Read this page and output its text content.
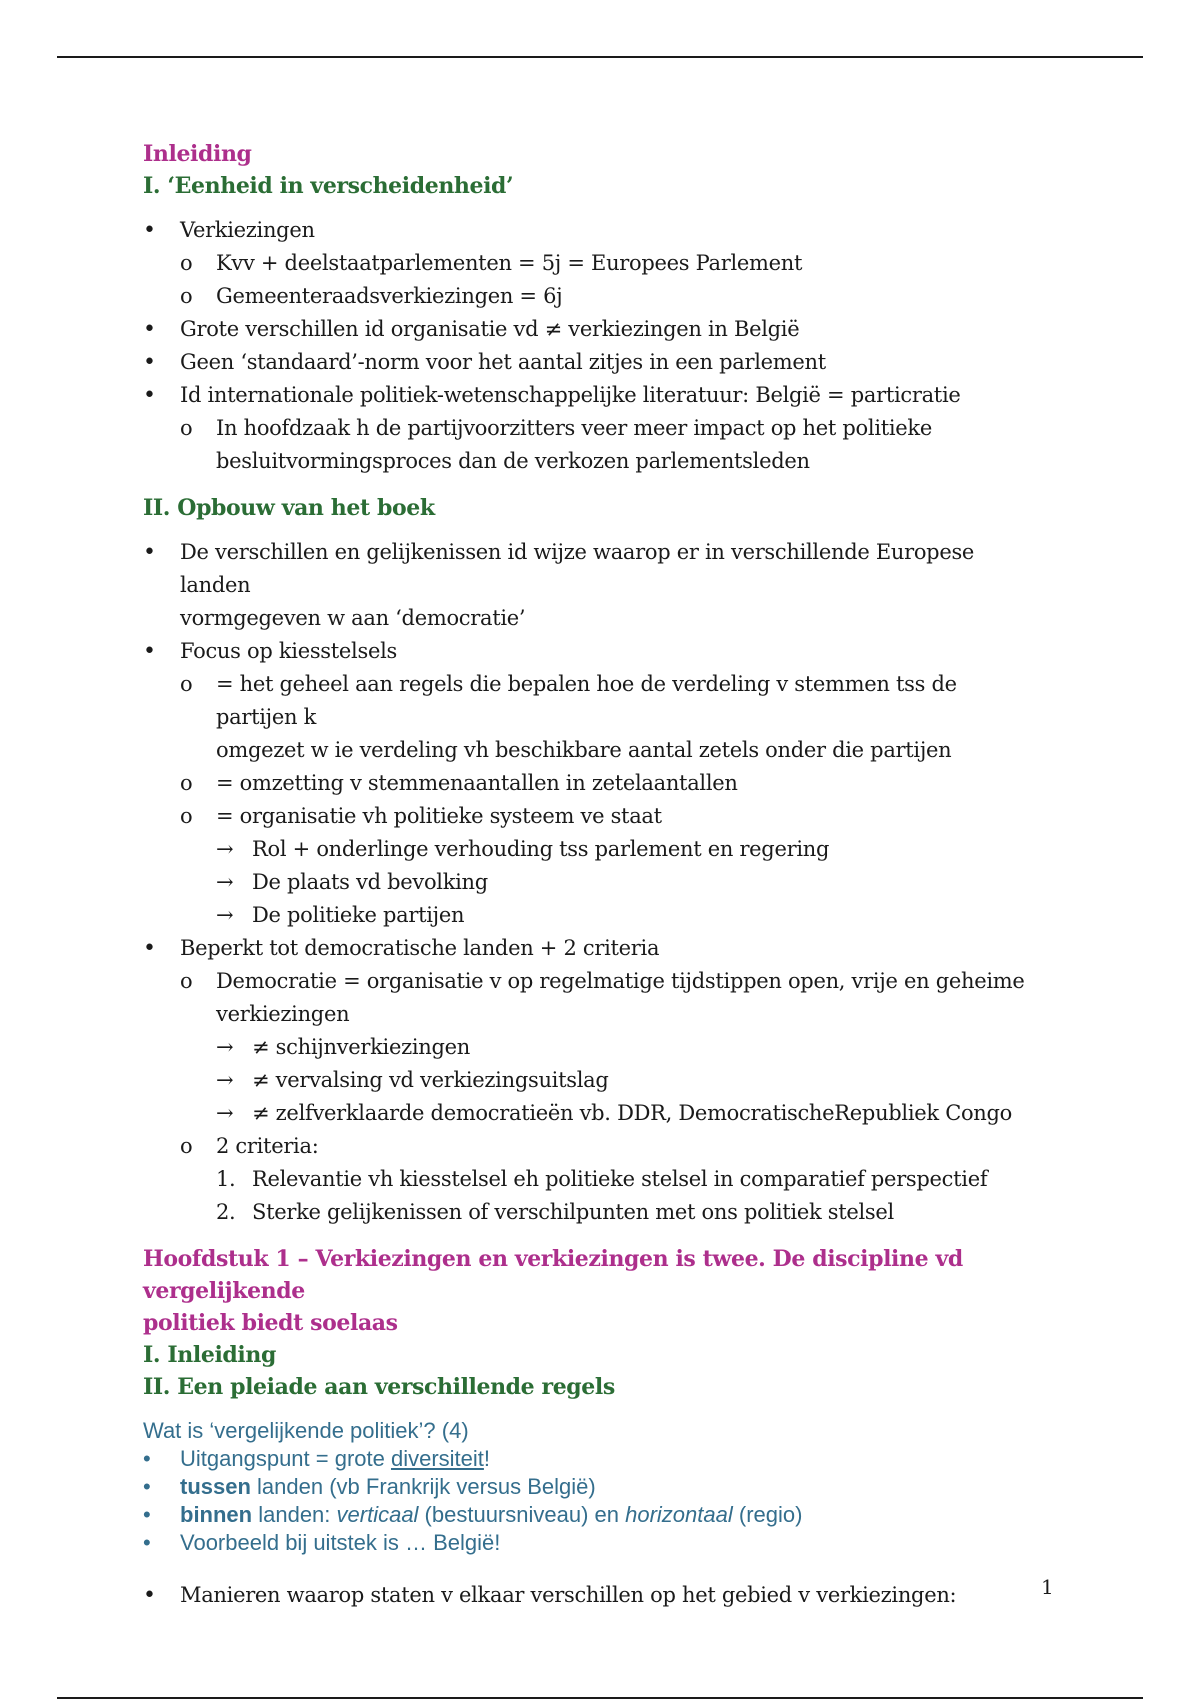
Inleiding
I. ‘Eenheid in verscheidenheid’
•	Verkiezingen
o	Kvv + deelstaatparlementen = 5j = Europees Parlement
o	Gemeenteraadsverkiezingen = 6j
•	Grote verschillen id organisatie vd ≠ verkiezingen in België
•	Geen ‘standaard’-norm voor het aantal zitjes in een parlement
•	Id internationale politiek-wetenschappelijke literatuur: België = particratie
o	In hoofdzaak h de partijvoorzitters veer meer impact op het politieke
besluitvormingsproces dan de verkozen parlementsleden
II. Opbouw van het boek
•	De verschillen en gelijkenissen id wijze waarop er in verschillende Europese landen
vormgegeven w aan ‘democratie’
•	Focus op kiesstelsels
o	= het geheel aan regels die bepalen hoe de verdeling v stemmen tss de partijen k
omgezet w ie verdeling vh beschikbare aantal zetels onder die partijen
o	= omzetting v stemmenaantallen in zetelaantallen
o	= organisatie vh politieke systeem ve staat
→ Rol + onderlinge verhouding tss parlement en regering
→ De plaats vd bevolking
→ De politieke partijen
•	Beperkt tot democratische landen + 2 criteria
o	Democratie = organisatie v op regelmatige tijdstippen open, vrije en geheime
verkiezingen
→ ≠ schijnverkiezingen
→ ≠ vervalsing vd verkiezingsuitslag
→ ≠ zelfverklaarde democratieën vb. DDR, DemocratischeRepubliek Congo
o	2 criteria:
1. Relevantie vh kiesstelsel eh politieke stelsel in comparatief perspectief
2. Sterke gelijkenissen of verschilpunten met ons politiek stelsel
Hoofdstuk 1 – Verkiezingen en verkiezingen is twee. De discipline vd vergelijkende
politiek biedt soelaas
I. Inleiding
II. Een pleiade aan verschillende regels
Wat is ‘vergelijkende politiek’? (4)
•	Uitgangspunt = grote diversiteit!
•	tussen landen (vb Frankrijk versus België)
•	binnen landen: verticaal (bestuursniveau) en horizontaal (regio)
•	Voorbeeld bij uitstek is … België!
•	Manieren waarop staten v elkaar verschillen op het gebied v verkiezingen:	1
